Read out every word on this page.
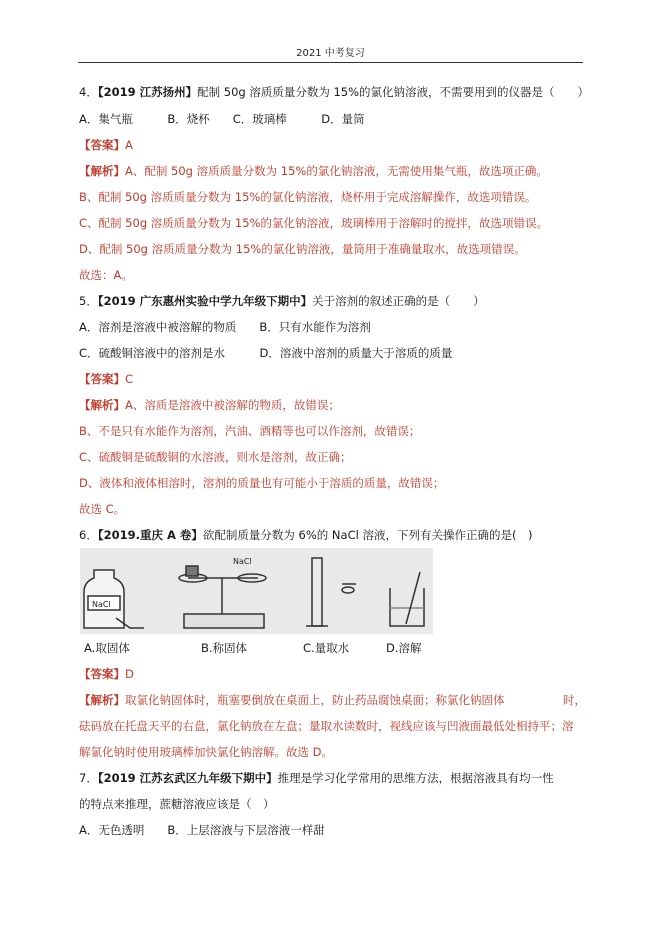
2021 中考复习
4．【2019 江苏扬州】配制 50g 溶质质量分数为 15%的氯化钠溶液，不需要用到的仪器是（　　）
A．集气瓶　　　B．烧杯　　C．玻璃棒　　　D．量筒
【答案】A
【解析】A、配制 50g 溶质质量分数为 15%的氯化钠溶液，无需使用集气瓶，故选项正确。
B、配制 50g 溶质质量分数为 15%的氯化钠溶液，烧杯用于完成溶解操作，故选项错误。
C、配制 50g 溶质质量分数为 15%的氯化钠溶液，玻璃棒用于溶解时的搅拌，故选项错误。
D、配制 50g 溶质质量分数为 15%的氯化钠溶液，量筒用于准确量取水，故选项错误。
故选：A。
5．【2019 广东惠州实验中学九年级下期中】关于溶剂的叙述正确的是（　　）
A．溶剂是溶液中被溶解的物质　　B．只有水能作为溶剂
C．硫酸铜溶液中的溶剂是水　　　D．溶液中溶剂的质量大于溶质的质量
【答案】C
【解析】A、溶质是溶液中被溶解的物质，故错误；
B、不是只有水能作为溶剂，汽油、酒精等也可以作溶剂，故错误；
C、硫酸铜是硫酸铜的水溶液，则水是溶剂，故正确；
D、液体和液体相溶时，溶剂的质量也有可能小于溶质的质量，故错误；
故选 C。
6．【2019.重庆 A 卷】欲配制质量分数为 6%的 NaCl 溶液，下列有关操作正确的是(　)
NaCl
NaCl
A.取固体	B.称固体	C.量取水	D.溶解
【答案】D
【解析】取氯化钠固体时，瓶塞要倒放在桌面上，防止药品腐蚀桌面；称氯化钠固体	时，
砝码放在托盘天平的右盘，氯化钠放在左盘；量取水读数时，视线应该与凹液面最低处相持平；溶
解氯化钠时使用玻璃棒加快氯化钠溶解。故选 D。
7．【2019 江苏玄武区九年级下期中】推理是学习化学常用的思维方法，根据溶液具有均一性
的特点来推理，蔗糖溶液应该是（　）
A．无色透明　　B．上层溶液与下层溶液一样甜
